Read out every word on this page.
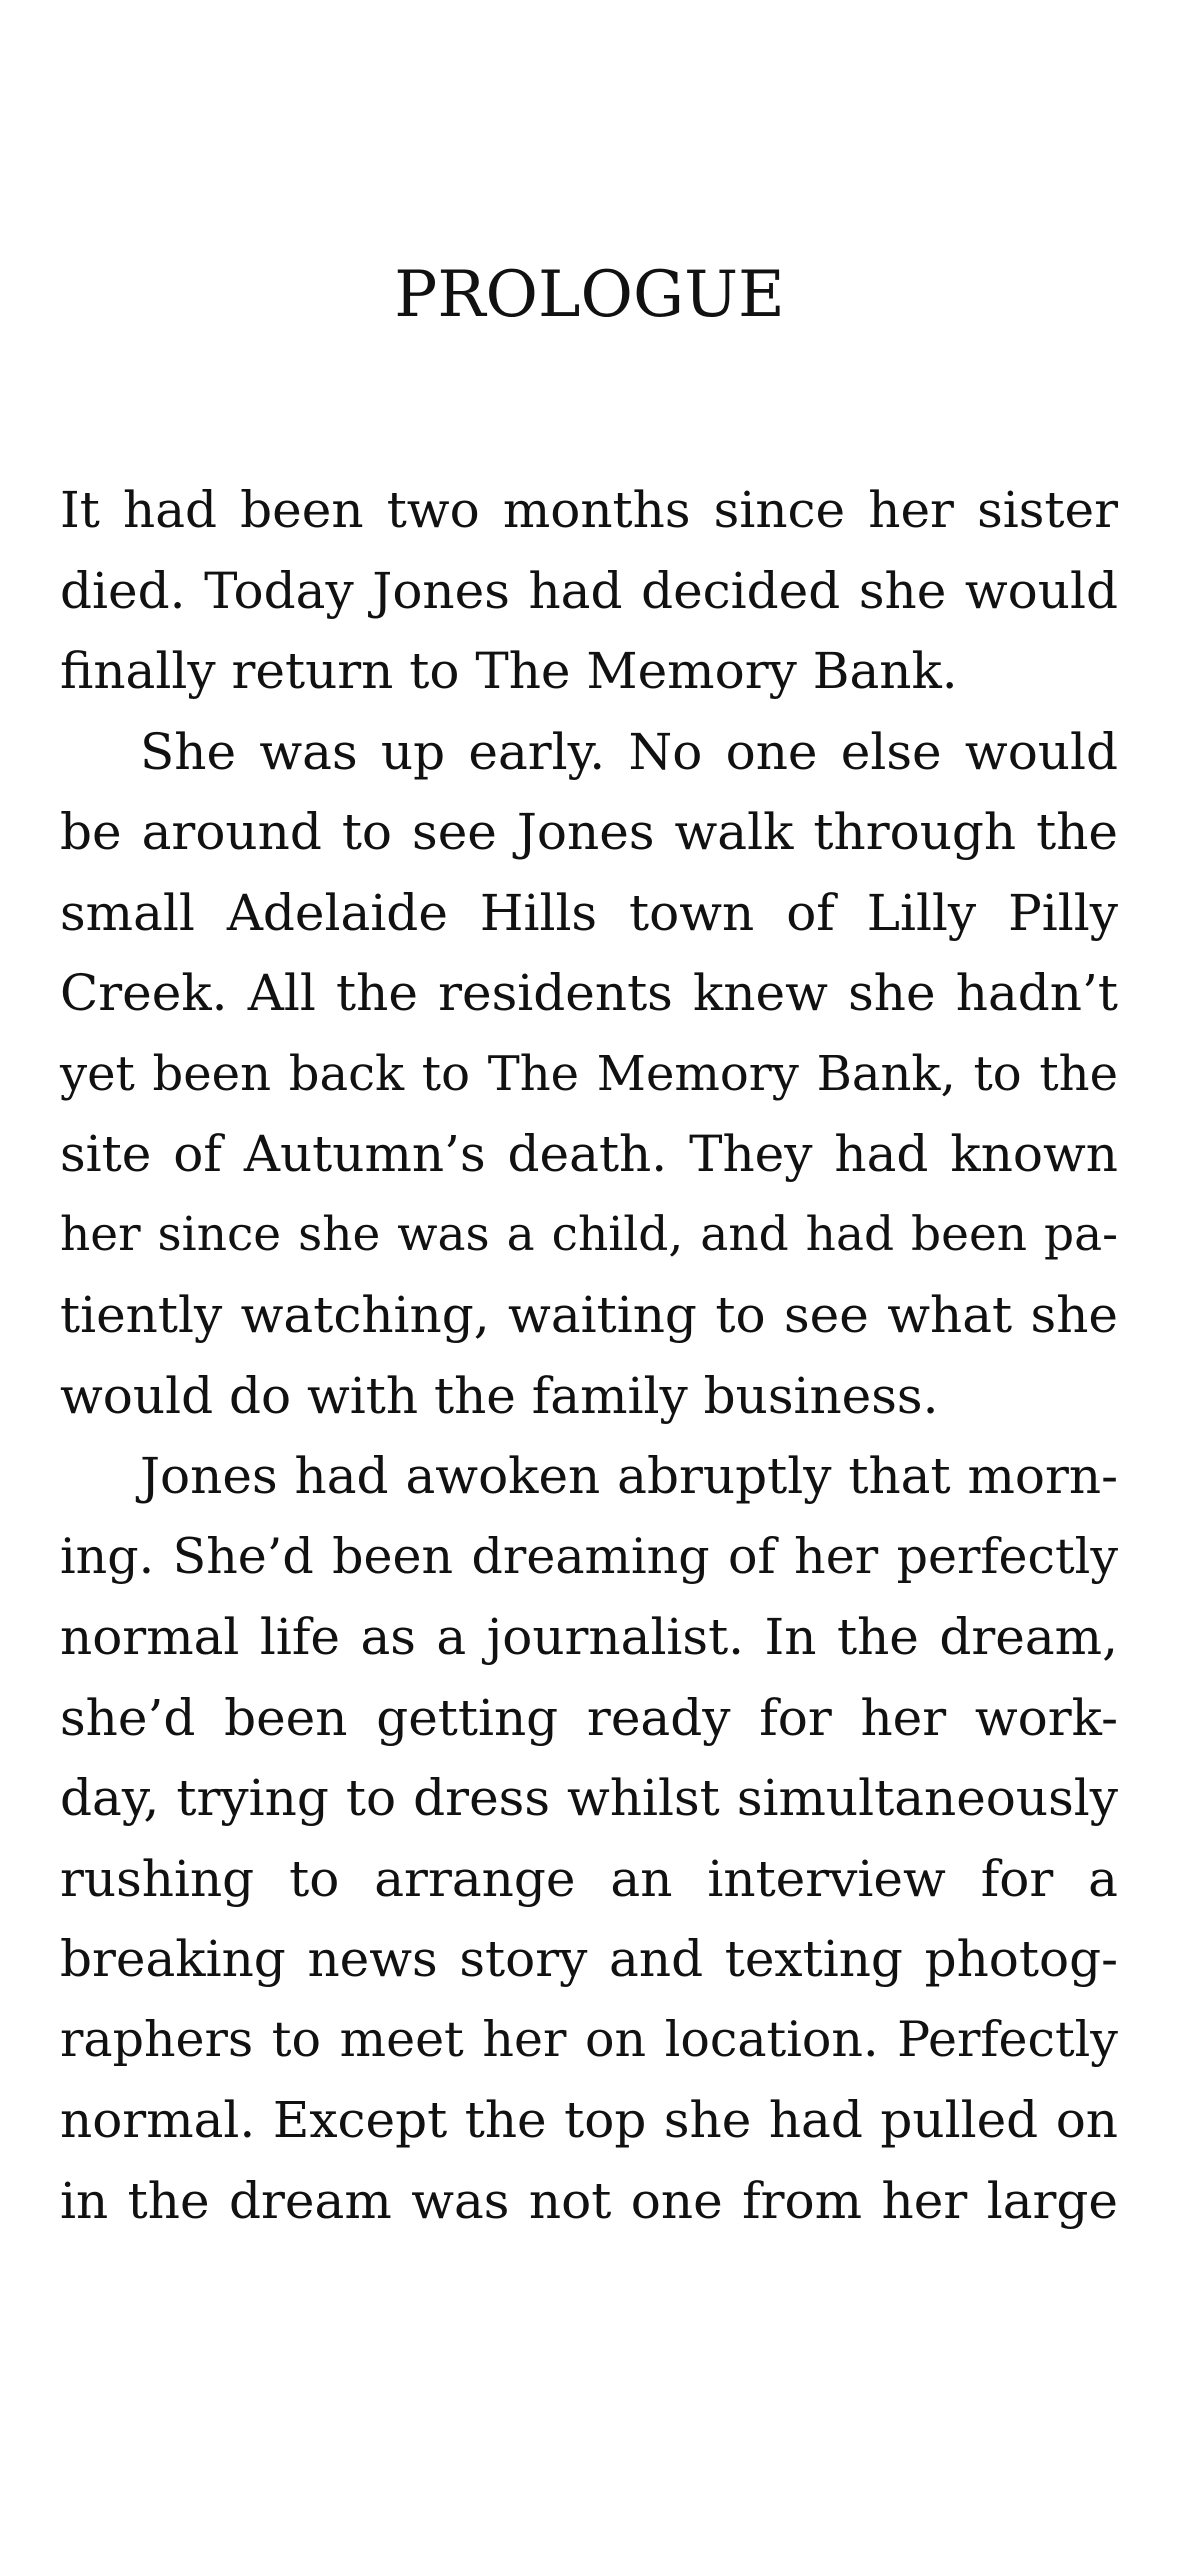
PROLOGUE
It had been two months since her sister
died. Today Jones had decided she would
finally return to The Memory Bank.
She was up early. No one else would
be around to see Jones walk through the
small Adelaide Hills town of Lilly Pilly
Creek. All the residents knew she hadn’t
yet been back to The Memory Bank, to the
site of Autumn’s death. They had known
her since she was a child, and had been pa-
tiently watching, waiting to see what she
would do with the family business.
Jones had awoken abruptly that morn-
ing. She’d been dreaming of her perfectly
normal life as a journalist. In the dream,
she’d been getting ready for her work-
day, trying to dress whilst simultaneously
rushing to arrange an interview for a
breaking news story and texting photog-
raphers to meet her on location. Perfectly
normal. Except the top she had pulled on
in the dream was not one from her large
